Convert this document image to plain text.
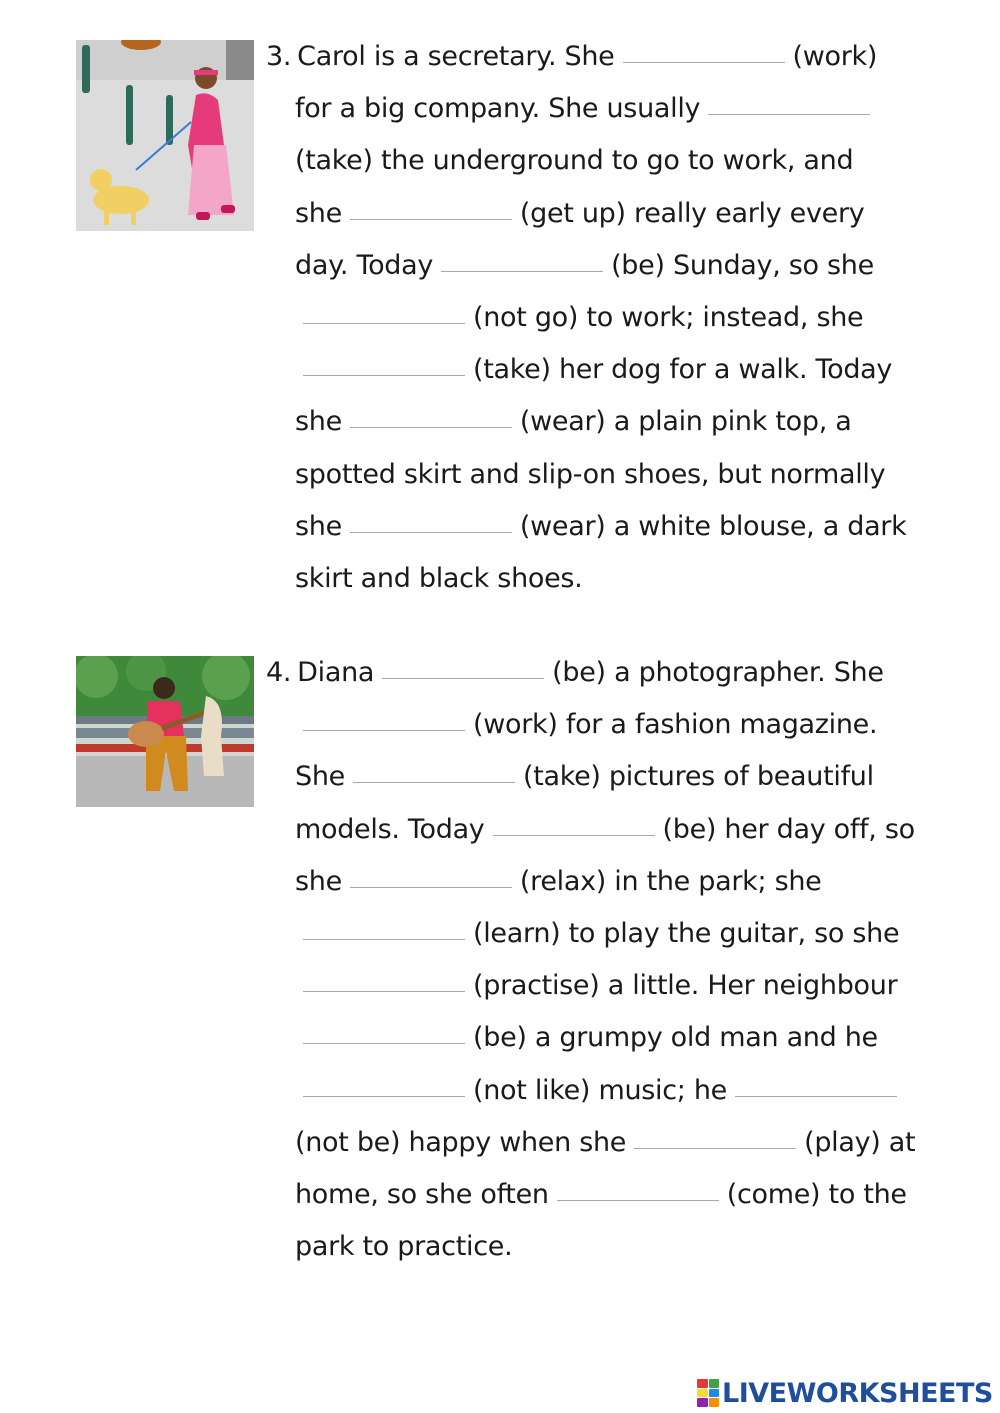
3. Carol is a secretary. She	(work)
for a big company. She usually
(take) the underground to go to work, and
she	(get up) really early every
day. Today	(be) Sunday, so she
(not go) to work; instead, she
(take) her dog for a walk. Today
she	(wear) a plain pink top, a
spotted skirt and slip-on shoes, but normally
she	(wear) a white blouse, a dark
skirt and black shoes.
4. Diana	(be) a photographer. She
(work) for a fashion magazine.
She	(take) pictures of beautiful
models. Today	(be) her day off, so
she	(relax) in the park; she
(learn) to play the guitar, so she
(practise) a little. Her neighbour
(be) a grumpy old man and he
(not like) music; he
(not be) happy when she	(play) at
home, so she often	(come) to the
park to practice.
LIVEWORKSHEETS
